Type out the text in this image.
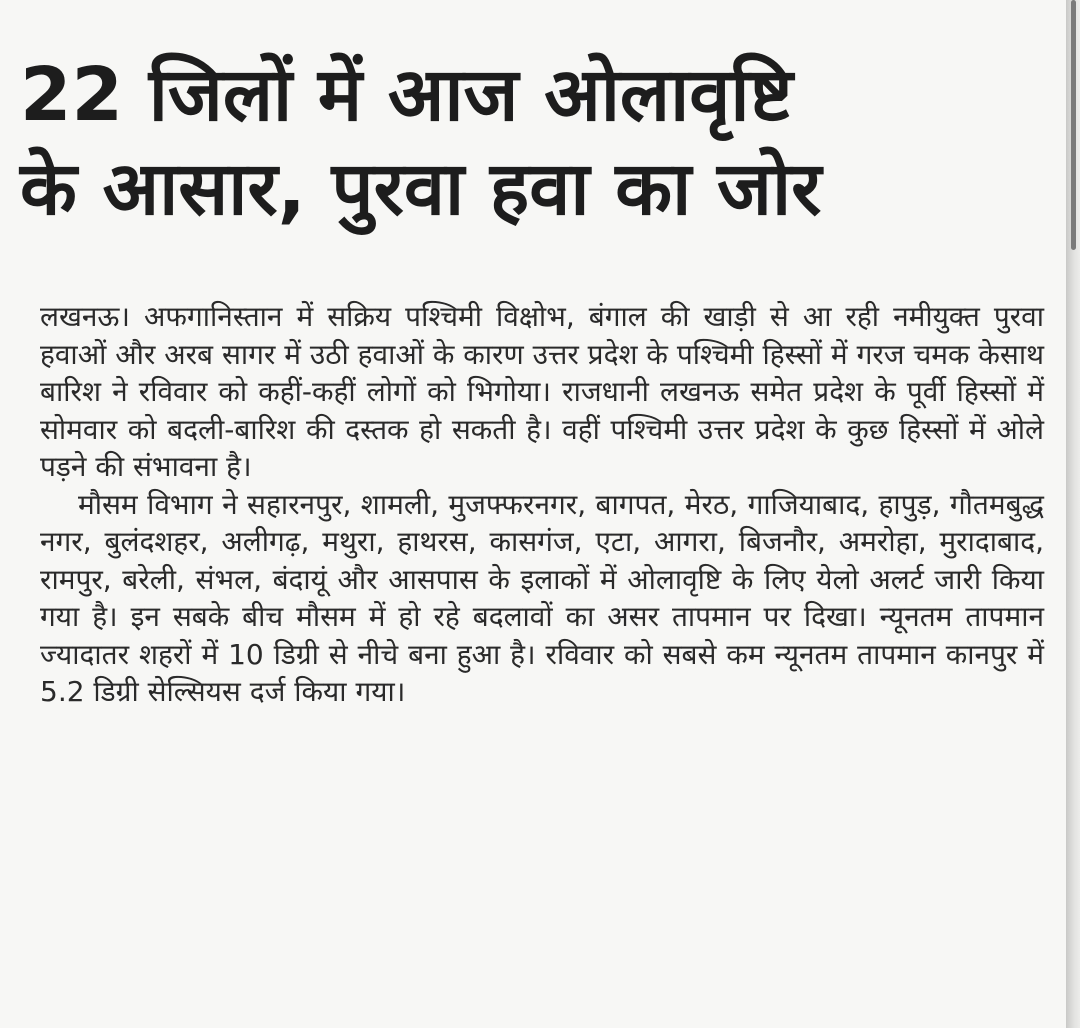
22 जिलों में आज ओलावृष्टि
के आसार, पुरवा हवा का जोर

लखनऊ। अफगानिस्तान में सक्रिय पश्चिमी विक्षोभ, बंगाल की खाड़ी से आ रही नमीयुक्त पुरवा हवाओं और अरब सागर में उठी हवाओं के कारण उत्तर प्रदेश के पश्चिमी हिस्सों में गरज चमक केसाथ बारिश ने रविवार को कहीं-कहीं लोगों को भिगोया। राजधानी लखनऊ समेत प्रदेश के पूर्वी हिस्सों में सोमवार को बदली-बारिश की दस्तक हो सकती है। वहीं पश्चिमी उत्तर प्रदेश के कुछ हिस्सों में ओले पड़ने की संभावना है।

मौसम विभाग ने सहारनपुर, शामली, मुजफ्फरनगर, बागपत, मेरठ, गाजियाबाद, हापुड़, गौतमबुद्ध नगर, बुलंदशहर, अलीगढ़, मथुरा, हाथरस, कासगंज, एटा, आगरा, बिजनौर, अमरोहा, मुरादाबाद, रामपुर, बरेली, संभल, बंदायूं और आसपास के इलाकों में ओलावृष्टि के लिए येलो अलर्ट जारी किया गया है। इन सबके बीच मौसम में हो रहे बदलावों का असर तापमान पर दिखा। न्यूनतम तापमान ज्यादातर शहरों में 10 डिग्री से नीचे बना हुआ है। रविवार को सबसे कम न्यूनतम तापमान कानपुर में 5.2 डिग्री सेल्सियस दर्ज किया गया।
